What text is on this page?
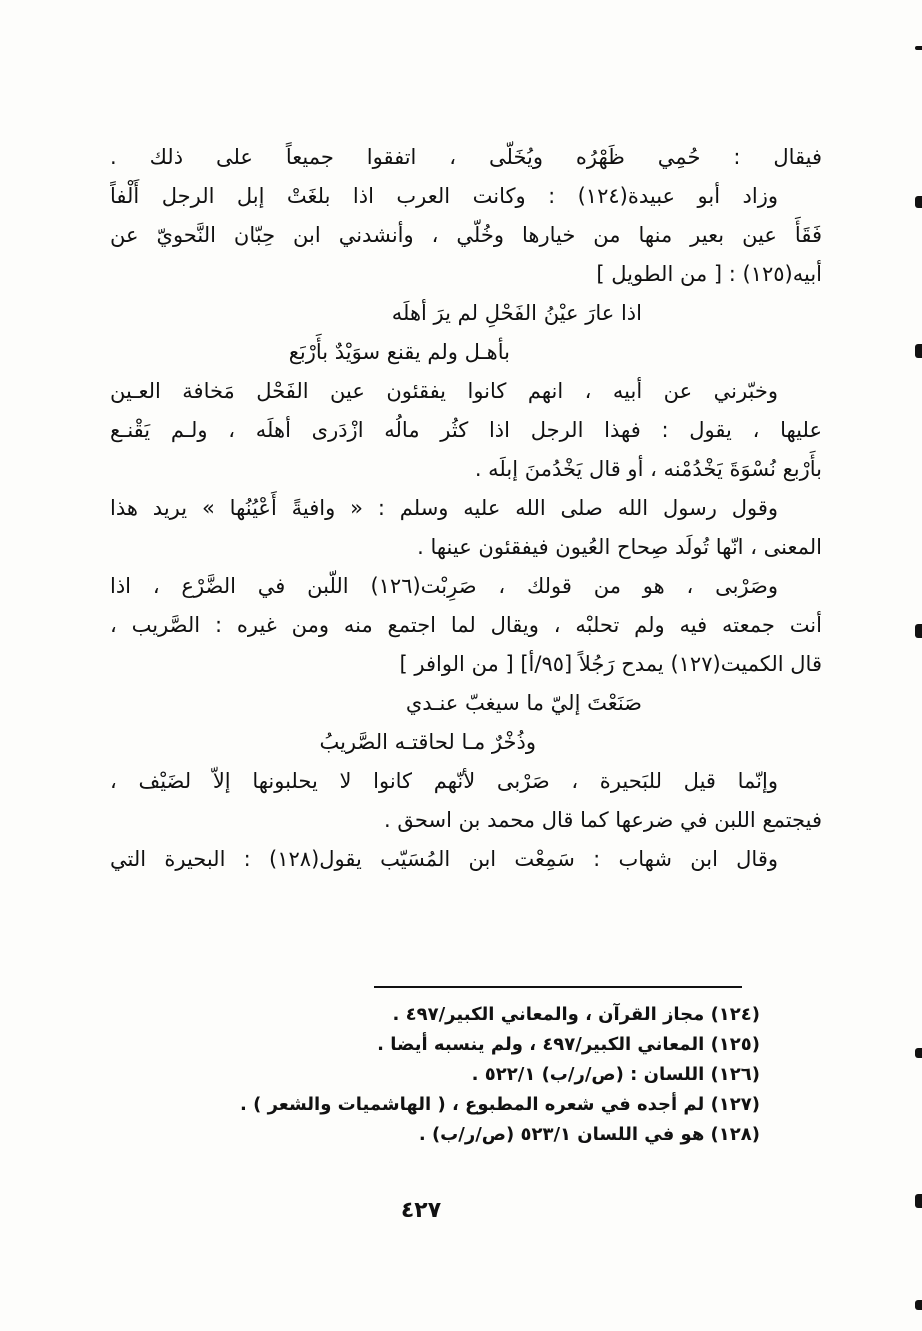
فيقال : حُمِي ظَهْرُه ويُخَلّى ، اتفقوا جميعاً على ذلك .
وزاد أبو عبيدة(١٢٤) : وكانت العرب اذا بلغَتْ إبل الرجل أَلْفاً
فَقَأَ عين بعير منها من خيارها وخُلّي ، وأنشدني ابن حِبّان النَّحويّ عن
أبيه(١٢٥) : [ من الطويل ]
اذا عارَ عيْنُ الفَحْلِ لم يرَ أهلَه
بأهـل ولم يقنع سوَيْدٌ بأَرْبَع
وخبّرني عن أبيه ، انهم كانوا يفقئون عين الفَحْل مَخافة العـين
عليها ، يقول : فهذا الرجل اذا كثُر مالُه ازْدَرى أهلَه ، ولـم يَقْنـع
بأَرْبع نُسْوَةَ يَخْدُمْنه ، أو قال يَخْدُمنَ إبلَه .
وقول رسول الله صلى الله عليه وسلم : « وافيةً أَعْيُنُها » يريد هذا
المعنى ، انّها تُولَد صِحاح العُيون فيفقئون عينها .
وصَرْبى ، هو من قولك ، صَرِبْت(١٢٦) اللّبن في الضَّرْع ، اذا
أنت جمعته فيه ولم تحلبْه ، ويقال لما اجتمع منه ومن غيره : الصَّريب ،
قال الكميت(١٢٧) يمدح رَجُلاً [٩٥/أ] [ من الوافر ]
صَنَعْتَ إليّ ما سيغبّ عنـدي
وذُخْرٌ مـا لحاقتـه الصَّريبُ
وإنّما قيل للبَحيرة ، صَرْبى لأنّهم كانوا لا يحلبونها إلاّ لضَيْف ،
فيجتمع اللبن في ضرعها كما قال محمد بن اسحق .
وقال ابن شهاب : سَمِعْت ابن المُسَيّب يقول(١٢٨) : البحيرة التي
(١٢٤) مجاز القرآن ، والمعاني الكبير/٤٩٧ .
(١٢٥) المعاني الكبير/٤٩٧ ، ولم ينسبه أيضا .
(١٢٦) اللسان : (ص/ر/ب) ٥٢٢/١ .
(١٢٧) لم أجده في شعره المطبوع ، ( الهاشميات والشعر ) .
(١٢٨) هو في اللسان ٥٢٣/١ (ص/ر/ب) .
٤٢٧
